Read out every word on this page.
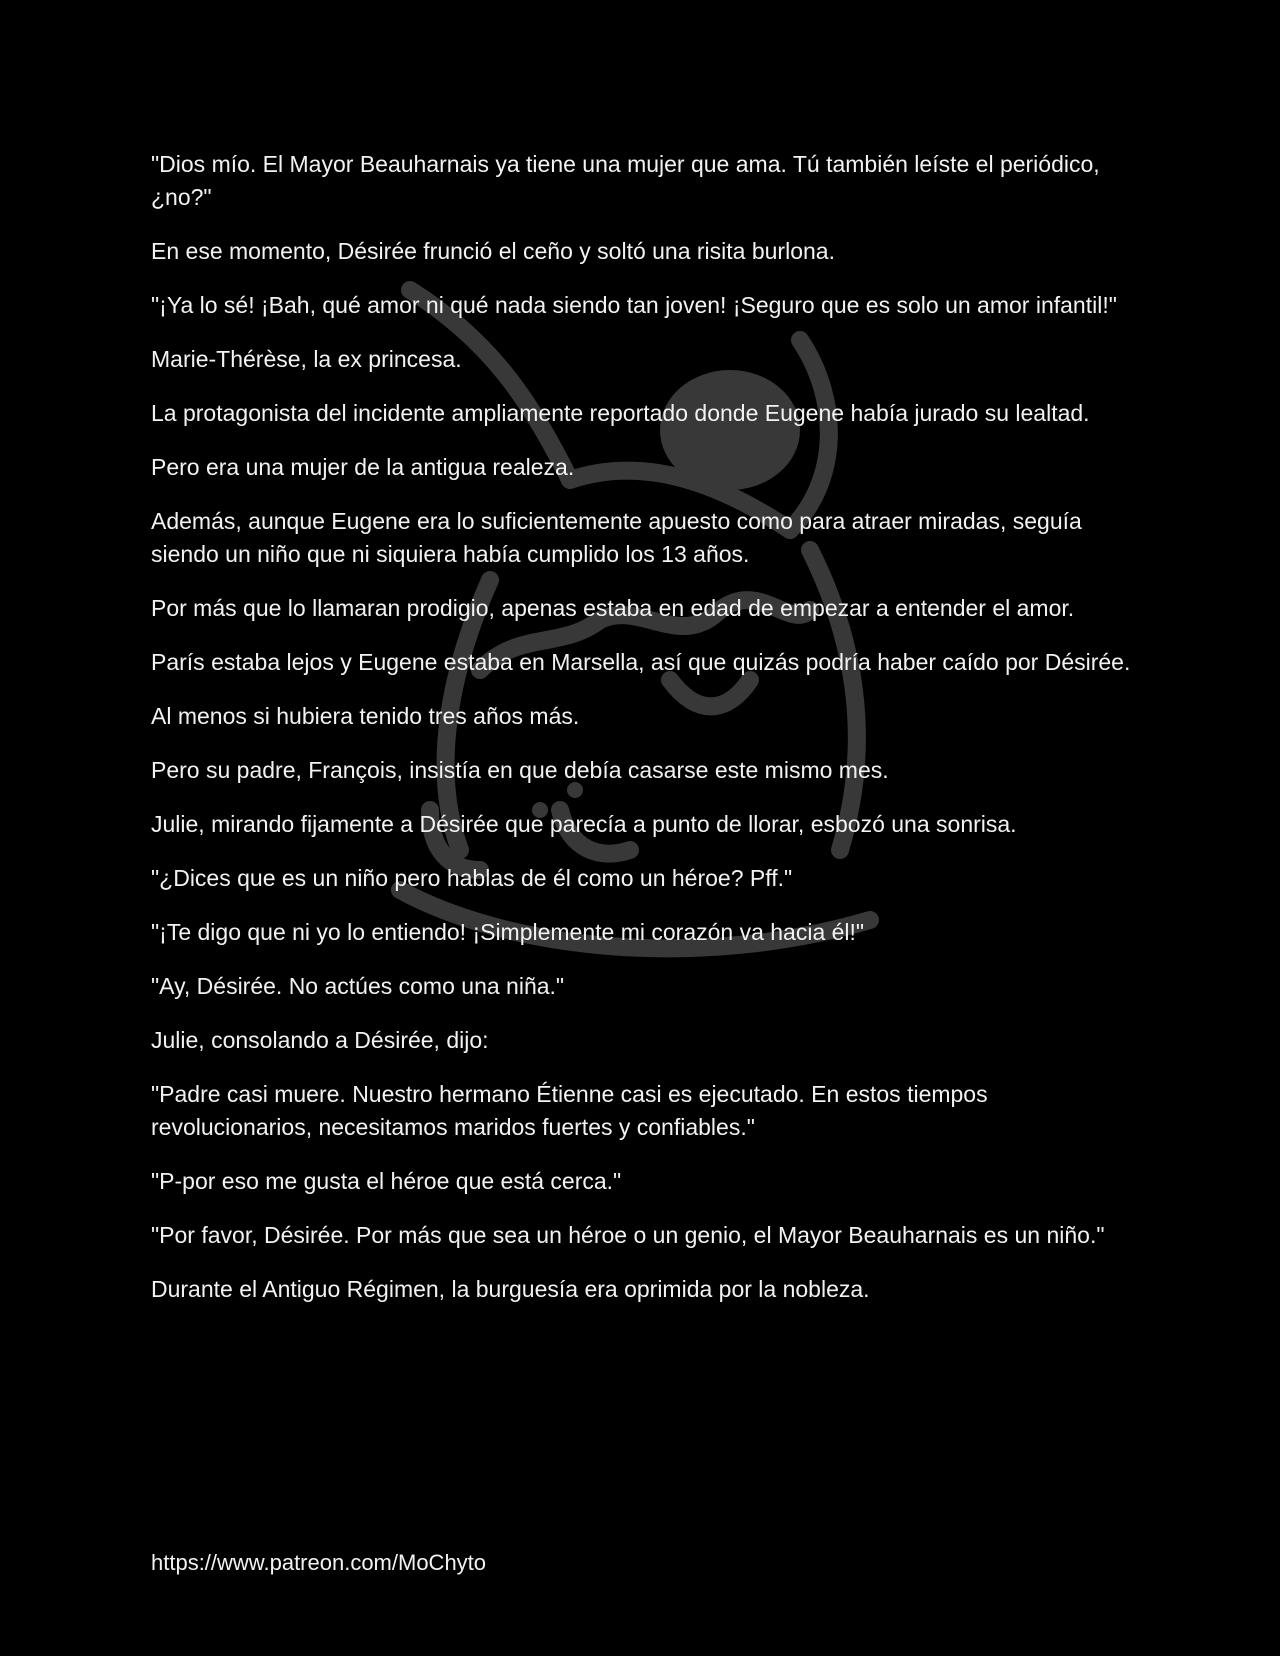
"Dios mío. El Mayor Beauharnais ya tiene una mujer que ama. Tú también leíste el periódico, ¿no?"

En ese momento, Désirée frunció el ceño y soltó una risita burlona.

"¡Ya lo sé! ¡Bah, qué amor ni qué nada siendo tan joven! ¡Seguro que es solo un amor infantil!"

Marie-Thérèse, la ex princesa.

La protagonista del incidente ampliamente reportado donde Eugene había jurado su lealtad.

Pero era una mujer de la antigua realeza.

Además, aunque Eugene era lo suficientemente apuesto como para atraer miradas, seguía siendo un niño que ni siquiera había cumplido los 13 años.

Por más que lo llamaran prodigio, apenas estaba en edad de empezar a entender el amor.

París estaba lejos y Eugene estaba en Marsella, así que quizás podría haber caído por Désirée.

Al menos si hubiera tenido tres años más.

Pero su padre, François, insistía en que debía casarse este mismo mes.

Julie, mirando fijamente a Désirée que parecía a punto de llorar, esbozó una sonrisa.

"¿Dices que es un niño pero hablas de él como un héroe? Pff."

"¡Te digo que ni yo lo entiendo! ¡Simplemente mi corazón va hacia él!"

"Ay, Désirée. No actúes como una niña."

Julie, consolando a Désirée, dijo:

"Padre casi muere. Nuestro hermano Étienne casi es ejecutado. En estos tiempos revolucionarios, necesitamos maridos fuertes y confiables."

"P-por eso me gusta el héroe que está cerca."

"Por favor, Désirée. Por más que sea un héroe o un genio, el Mayor Beauharnais es un niño."

Durante el Antiguo Régimen, la burguesía era oprimida por la nobleza.

https://www.patreon.com/MoChyto
